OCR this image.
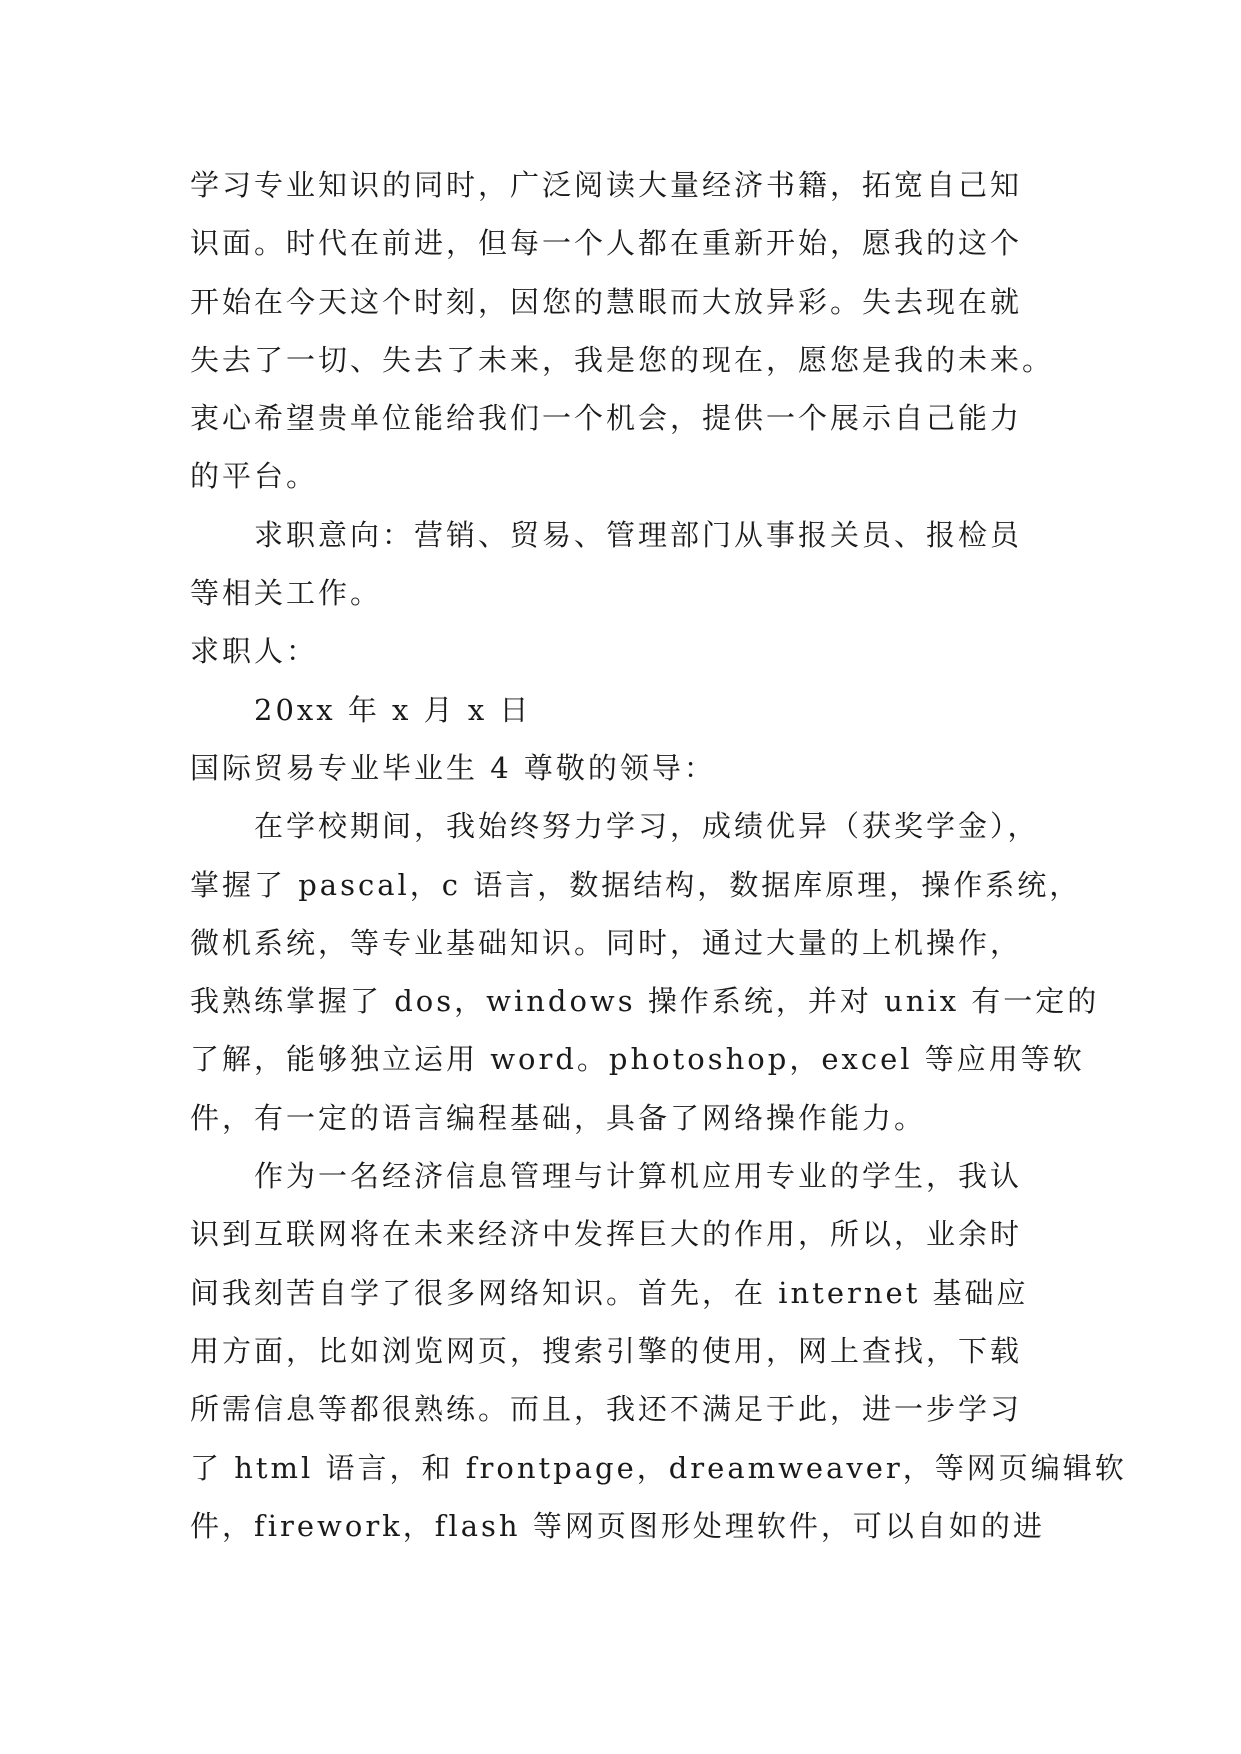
学习专业知识的同时，广泛阅读大量经济书籍，拓宽自己知
识面。时代在前进，但每一个人都在重新开始，愿我的这个
开始在今天这个时刻，因您的慧眼而大放异彩。失去现在就
失去了一切、失去了未来，我是您的现在，愿您是我的未来。
衷心希望贵单位能给我们一个机会，提供一个展示自己能力
的平台。
求职意向：营销、贸易、管理部门从事报关员、报检员
等相关工作。
求职人：
20xx 年 x 月 x 日
国际贸易专业毕业生 4 尊敬的领导：
在学校期间，我始终努力学习，成绩优异（获奖学金），
掌握了 pascal，c 语言，数据结构，数据库原理，操作系统，
微机系统，等专业基础知识。同时，通过大量的上机操作，
我熟练掌握了 dos，windows 操作系统，并对 unix 有一定的
了解，能够独立运用 word。photoshop，excel 等应用等软
件，有一定的语言编程基础，具备了网络操作能力。
作为一名经济信息管理与计算机应用专业的学生，我认
识到互联网将在未来经济中发挥巨大的作用，所以，业余时
间我刻苦自学了很多网络知识。首先，在 internet 基础应
用方面，比如浏览网页，搜索引擎的使用，网上查找，下载
所需信息等都很熟练。而且，我还不满足于此，进一步学习
了 html 语言，和 frontpage，dreamweaver，等网页编辑软
件，firework，flash 等网页图形处理软件，可以自如的进
